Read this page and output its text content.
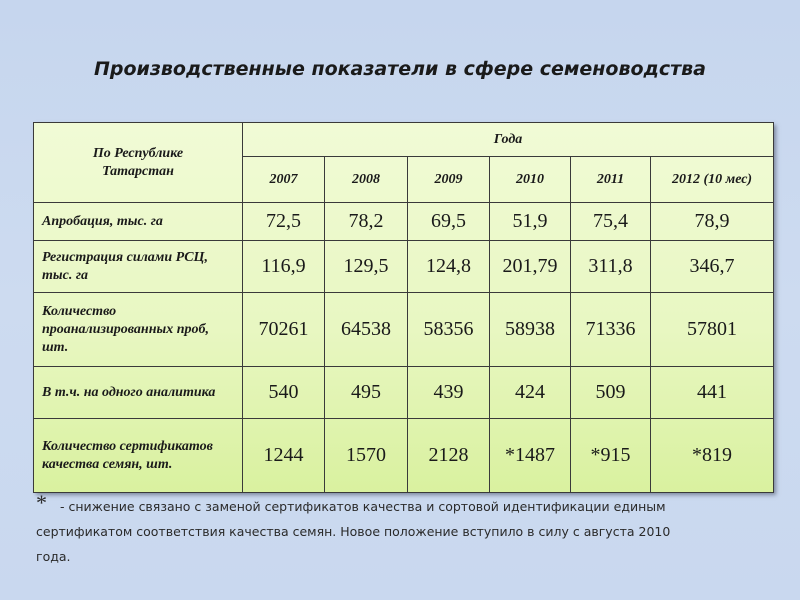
Производственные показатели в сфере семеноводства
По Республике Татарстан	Года					
	2007	2008	2009	2010	2011	2012 (10 мес)
Апробация, тыс. га	72,5	78,2	69,5	51,9	75,4	78,9
Регистрация силами РСЦ, тыс. га	116,9	129,5	124,8	201,79	311,8	346,7
Количество проанализированных проб, шт.	70261	64538	58356	58938	71336	57801
В т.ч. на одного аналитика	540	495	439	424	509	441
Количество сертификатов качества семян, шт.	1244	1570	2128	*1487	*915	*819
*	- снижение связано с заменой сертификатов качества и сортовой идентификации единым
сертификатом соответствия качества семян. Новое положение вступило в силу с августа 2010
года.
